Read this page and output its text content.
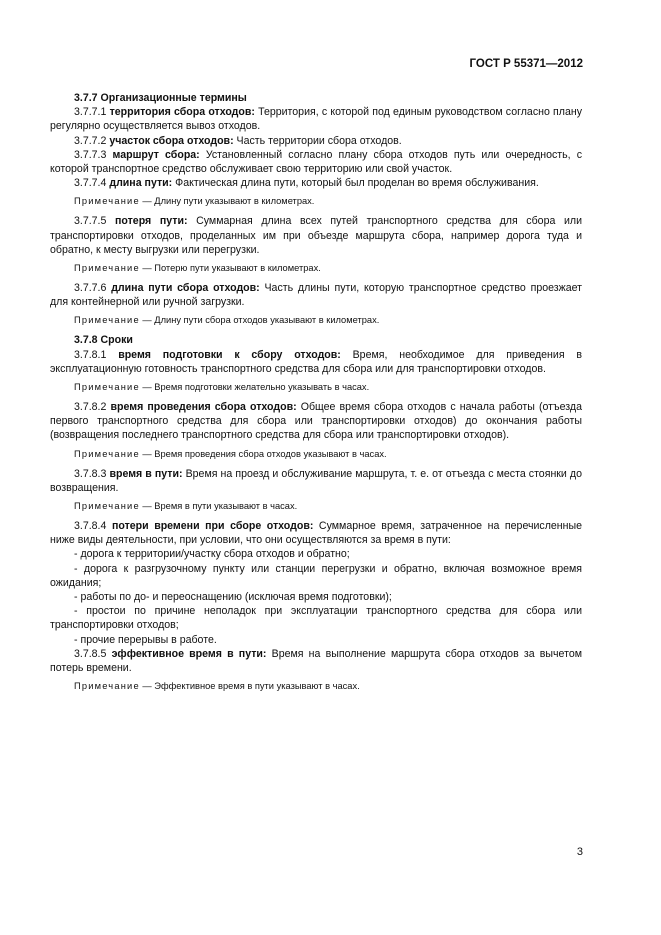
ГОСТ Р 55371—2012

3.7.7 Организационные термины

3.7.7.1 территория сбора отходов: Территория, с которой под единым руководством согласно плану регулярно осуществляется вывоз отходов.

3.7.7.2 участок сбора отходов: Часть территории сбора отходов.

3.7.7.3 маршрут сбора: Установленный согласно плану сбора отходов путь или очередность, с которой транспортное средство обслуживает свою территорию или свой участок.

3.7.7.4 длина пути: Фактическая длина пути, который был проделан во время обслуживания.

Примечание — Длину пути указывают в километрах.

3.7.7.5 потеря пути: Суммарная длина всех путей транспортного средства для сбора или транспортировки отходов, проделанных им при объезде маршрута сбора, например дорога туда и обратно, к месту выгрузки или перегрузки.

Примечание — Потерю пути указывают в километрах.

3.7.7.6 длина пути сбора отходов: Часть длины пути, которую транспортное средство проезжает для контейнерной или ручной загрузки.

Примечание — Длину пути сбора отходов указывают в километрах.

3.7.8 Сроки

3.7.8.1 время подготовки к сбору отходов: Время, необходимое для приведения в эксплуатационную готовность транспортного средства для сбора или для транспортировки отходов.

Примечание — Время подготовки желательно указывать в часах.

3.7.8.2 время проведения сбора отходов: Общее время сбора отходов с начала работы (отъезда первого транспортного средства для сбора или транспортировки отходов) до окончания работы (возвращения последнего транспортного средства для сбора или транспортировки отходов).

Примечание — Время проведения сбора отходов указывают в часах.

3.7.8.3 время в пути: Время на проезд и обслуживание маршрута, т. е. от отъезда с места стоянки до возвращения.

Примечание — Время в пути указывают в часах.

3.7.8.4 потери времени при сборе отходов: Суммарное время, затраченное на перечисленные ниже виды деятельности, при условии, что они осуществляются за время в пути:

- дорога к территории/участку сбора отходов и обратно;

- дорога к разгрузочному пункту или станции перегрузки и обратно, включая возможное время ожидания;

- работы по до- и переоснащению (исключая время подготовки);

- простои по причине неполадок при эксплуатации транспортного средства для сбора или транспортировки отходов;

- прочие перерывы в работе.

3.7.8.5 эффективное время в пути: Время на выполнение маршрута сбора отходов за вычетом потерь времени.

Примечание — Эффективное время в пути указывают в часах.

3
